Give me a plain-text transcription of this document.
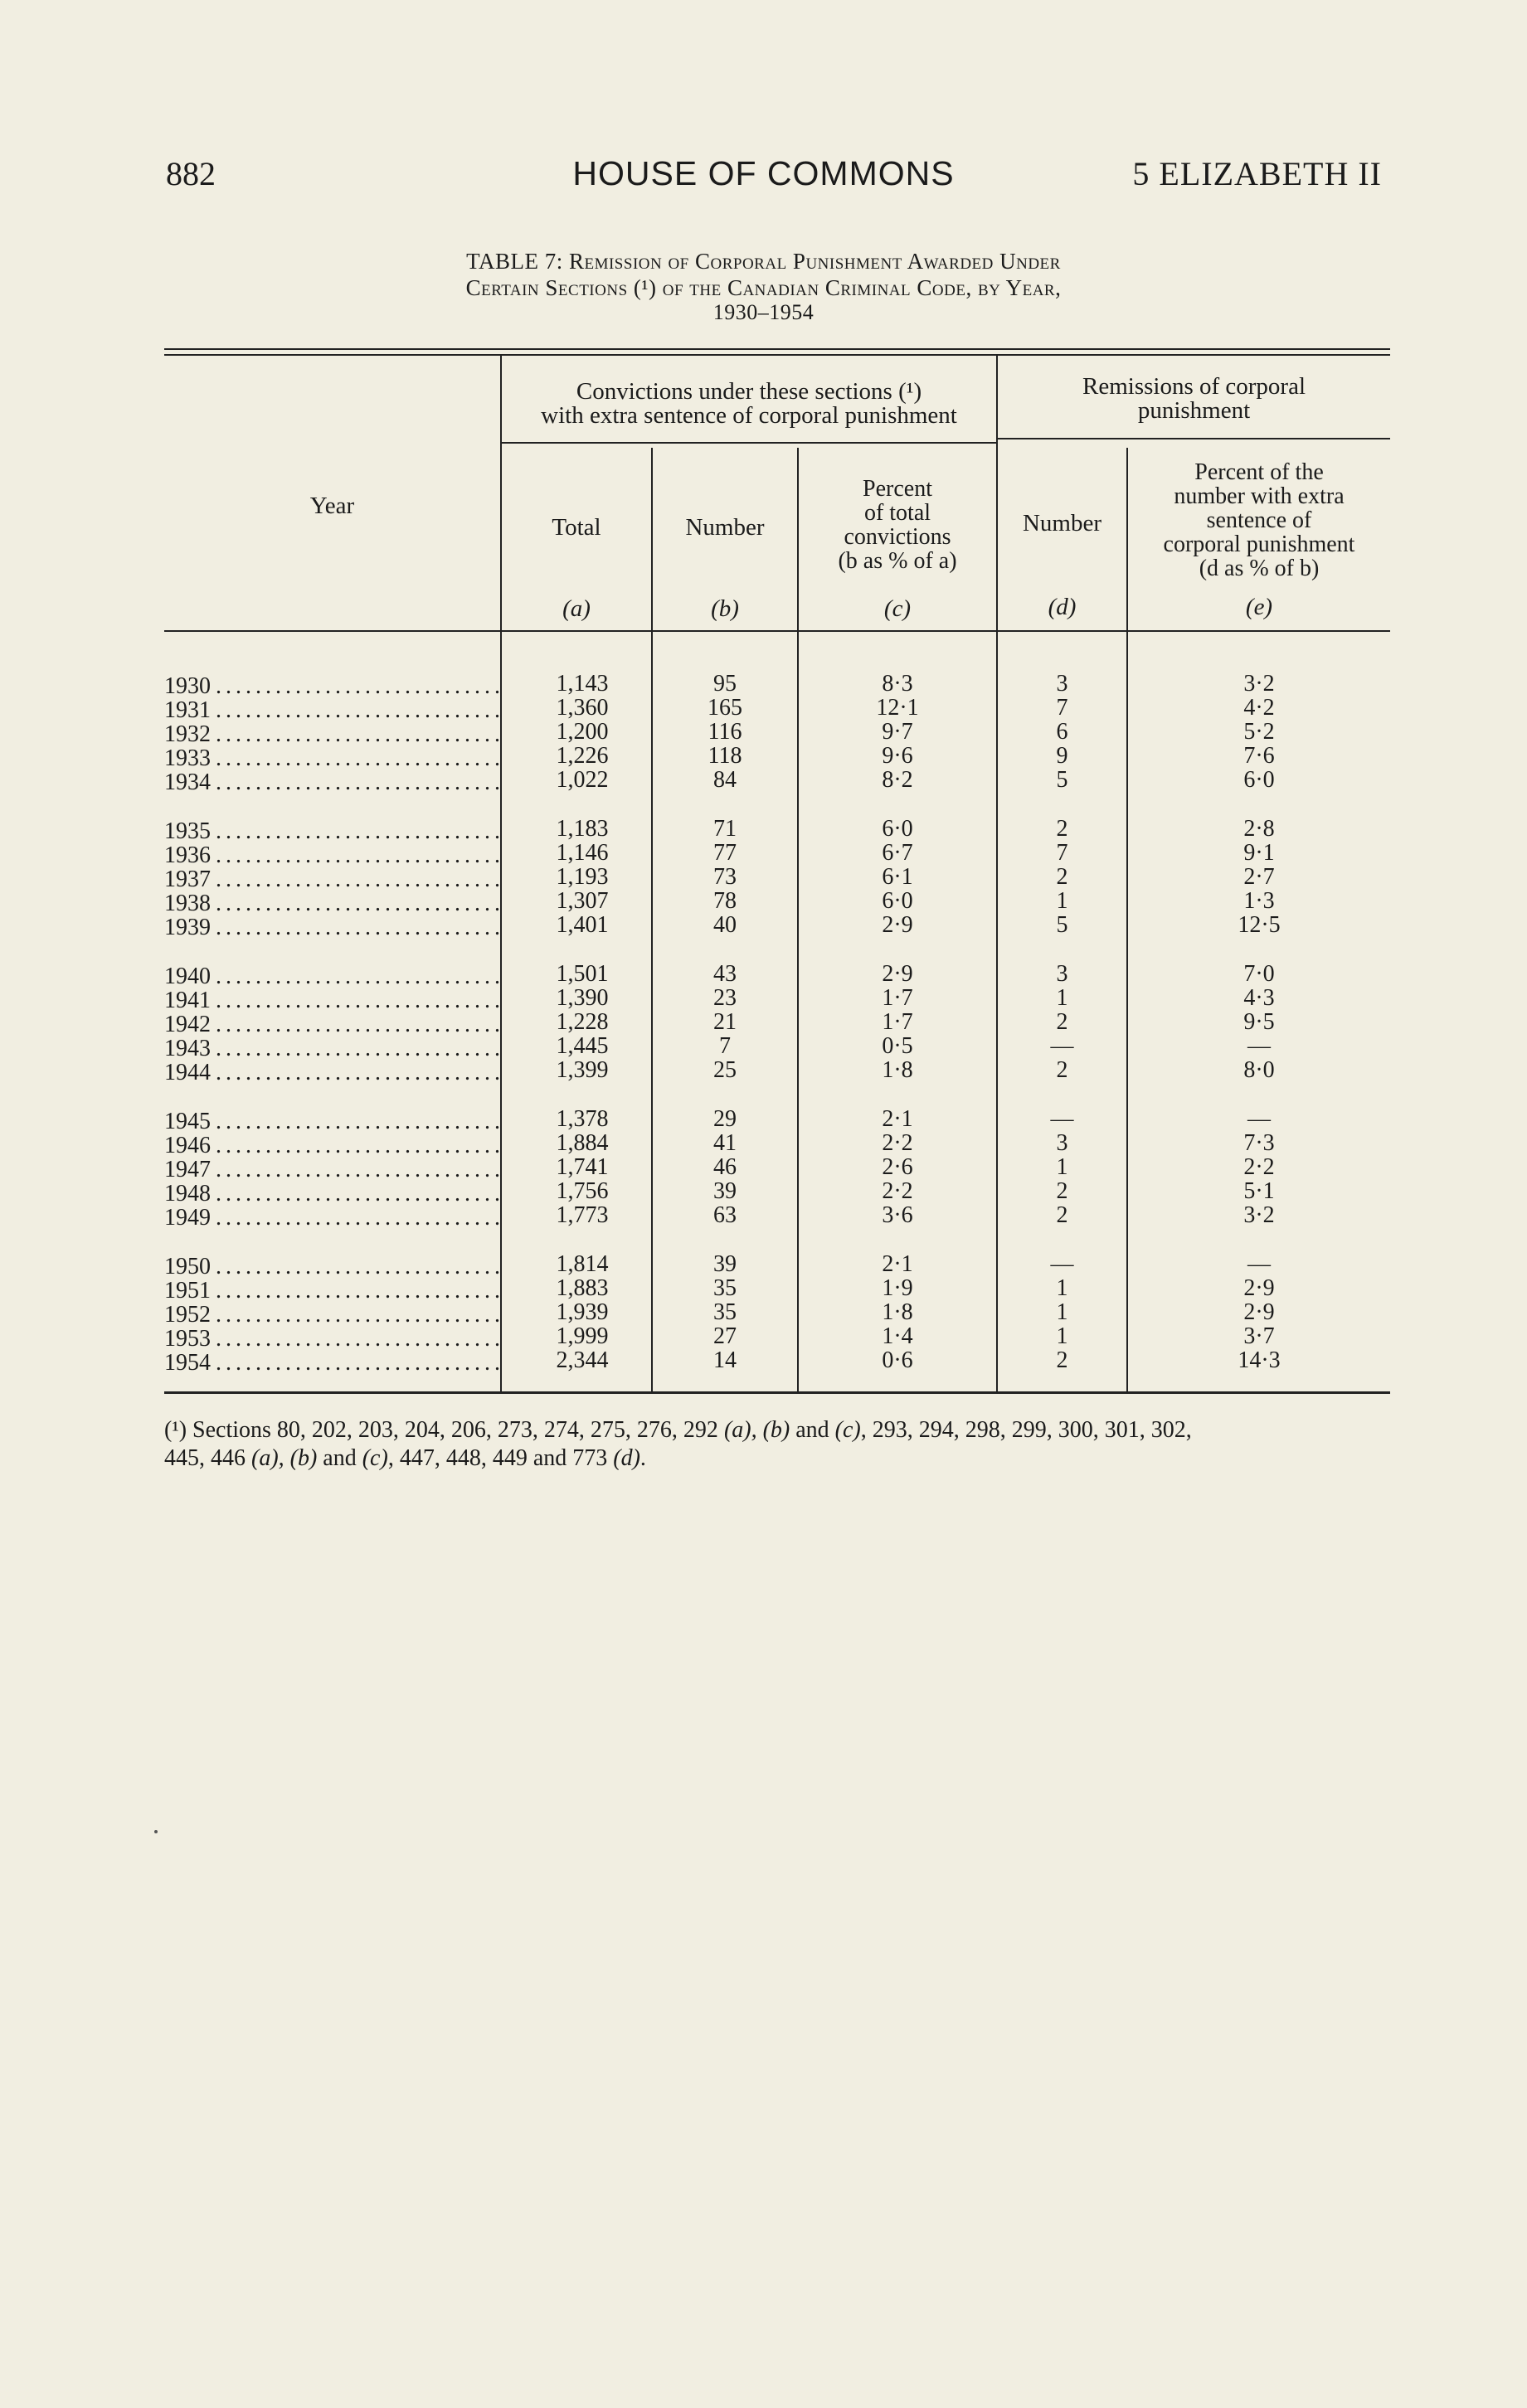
882	HOUSE OF COMMONS	5 ELIZABETH II
TABLE 7: Remission of Corporal Punishment Awarded Under
Certain Sections (¹) of the Canadian Criminal Code, by Year,
1930–1954
Convictions under these sections (¹)
with extra sentence of corporal punishment
Remissions of corporal
punishment
Year
Total	Number
Percent
of total
convictions
(b as % of a)
Number
Percent of the
number with extra
sentence of
corporal punishment
(d as % of b)
(a)	(b)	(c)	(d)	(e)
1930 . . .	1,143	95	8·3	3	3·2
1931 . . .	1,360	165	12·1	7	4·2
1932 . . .	1,200	116	9·7	6	5·2
1933 . . .	1,226	118	9·6	9	7·6
1934 . . .	1,022	84	8·2	5	6·0
1935 . . .	1,183	71	6·0	2	2·8
1936 . . .	1,146	77	6·7	7	9·1
1937 . . .	1,193	73	6·1	2	2·7
1938 . . .	1,307	78	6·0	1	1·3
1939 . . .	1,401	40	2·9	5	12·5
1940 . . .	1,501	43	2·9	3	7·0
1941 . . .	1,390	23	1·7	1	4·3
1942 . . .	1,228	21	1·7	2	9·5
1943 . . .	1,445	7	0·5	—	—
1944 . . .	1,399	25	1·8	2	8·0
1945 . . .	1,378	29	2·1	—	—
1946 . . .	1,884	41	2·2	3	7·3
1947 . . .	1,741	46	2·6	1	2·2
1948 . . .	1,756	39	2·2	2	5·1
1949 . . .	1,773	63	3·6	2	3·2
1950 . . .	1,814	39	2·1	—	—
1951 . . .	1,883	35	1·9	1	2·9
1952 . . .	1,939	35	1·8	1	2·9
1953 . . .	1,999	27	1·4	1	3·7
1954 . . .	2,344	14	0·6	2	14·3
(¹) Sections 80, 202, 203, 204, 206, 273, 274, 275, 276, 292 (a), (b) and (c), 293, 294, 298, 299, 300, 301, 302,
445, 446 (a), (b) and (c), 447, 448, 449 and 773 (d).
